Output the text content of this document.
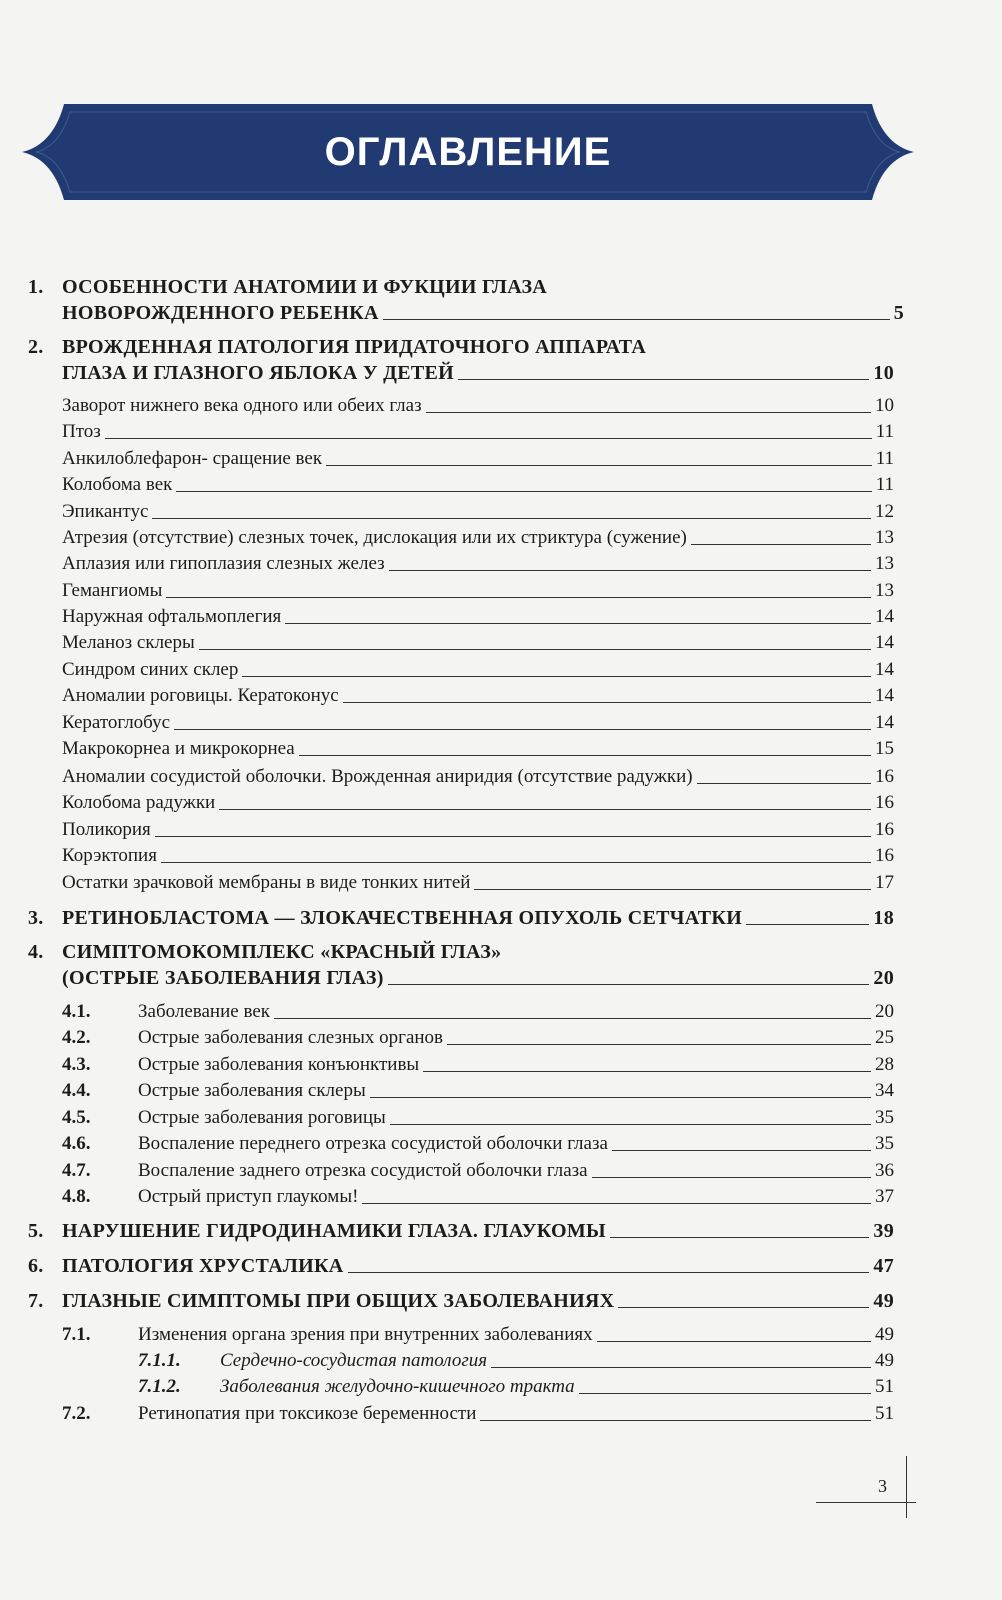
ОГЛАВЛЕНИЕ
1. ОСОБЕННОСТИ АНАТОМИИ И ФУКЦИИ ГЛАЗА
НОВОРОЖДЕННОГО РЕБЕНКА	5
2. ВРОЖДЕННАЯ ПАТОЛОГИЯ ПРИДАТОЧНОГО АППАРАТА
ГЛАЗА И ГЛАЗНОГО ЯБЛОКА У ДЕТЕЙ	10
Заворот нижнего века одного или обеих глаз	10
Птоз	11
Анкилоблефарон- сращение век	11
Колобома век	11
Эпикантус	12
Атрезия (отсутствие) слезных точек, дислокация или их стриктура (сужение)	13
Аплазия или гипоплазия слезных желез	13
Гемангиомы	13
Наружная офтальмоплегия	14
Меланоз склеры	14
Синдром синих склер	14
Аномалии роговицы. Кератоконус	14
Кератоглобус	14
Макрокорнеа и микрокорнеа	15
Аномалии сосудистой оболочки. Врожденная аниридия (отсутствие радужки)	16
Колобома радужки	16
Поликория	16
Корэктопия	16
Остатки зрачковой мембраны в виде тонких нитей	17
3. РЕТИНОБЛАСТОМА — ЗЛОКАЧЕСТВЕННАЯ ОПУХОЛЬ СЕТЧАТКИ	18
4. СИМПТОМОКОМПЛЕКС «КРАСНЫЙ ГЛАЗ»
(ОСТРЫЕ ЗАБОЛЕВАНИЯ ГЛАЗ)	20
4.1.	Заболевание век	20
4.2.	Острые заболевания слезных органов	25
4.3.	Острые заболевания конъюнктивы	28
4.4.	Острые заболевания склеры	34
4.5.	Острые заболевания роговицы	35
4.6.	Воспаление переднего отрезка сосудистой оболочки глаза	35
4.7.	Воспаление заднего отрезка сосудистой оболочки глаза	36
4.8.	Острый приступ глаукомы!	37
5. НАРУШЕНИЕ ГИДРОДИНАМИКИ ГЛАЗА. ГЛАУКОМЫ	39
6. ПАТОЛОГИЯ ХРУСТАЛИКА	47
7. ГЛАЗНЫЕ СИМПТОМЫ ПРИ ОБЩИХ ЗАБОЛЕВАНИЯХ	49
7.1.	Изменения органа зрения при внутренних заболеваниях	49
7.1.1. Сердечно-сосудистая патология	49
7.1.2. Заболевания желудочно-кишечного тракта	51
7.2.	Ретинопатия при токсикозе беременности	51
3
